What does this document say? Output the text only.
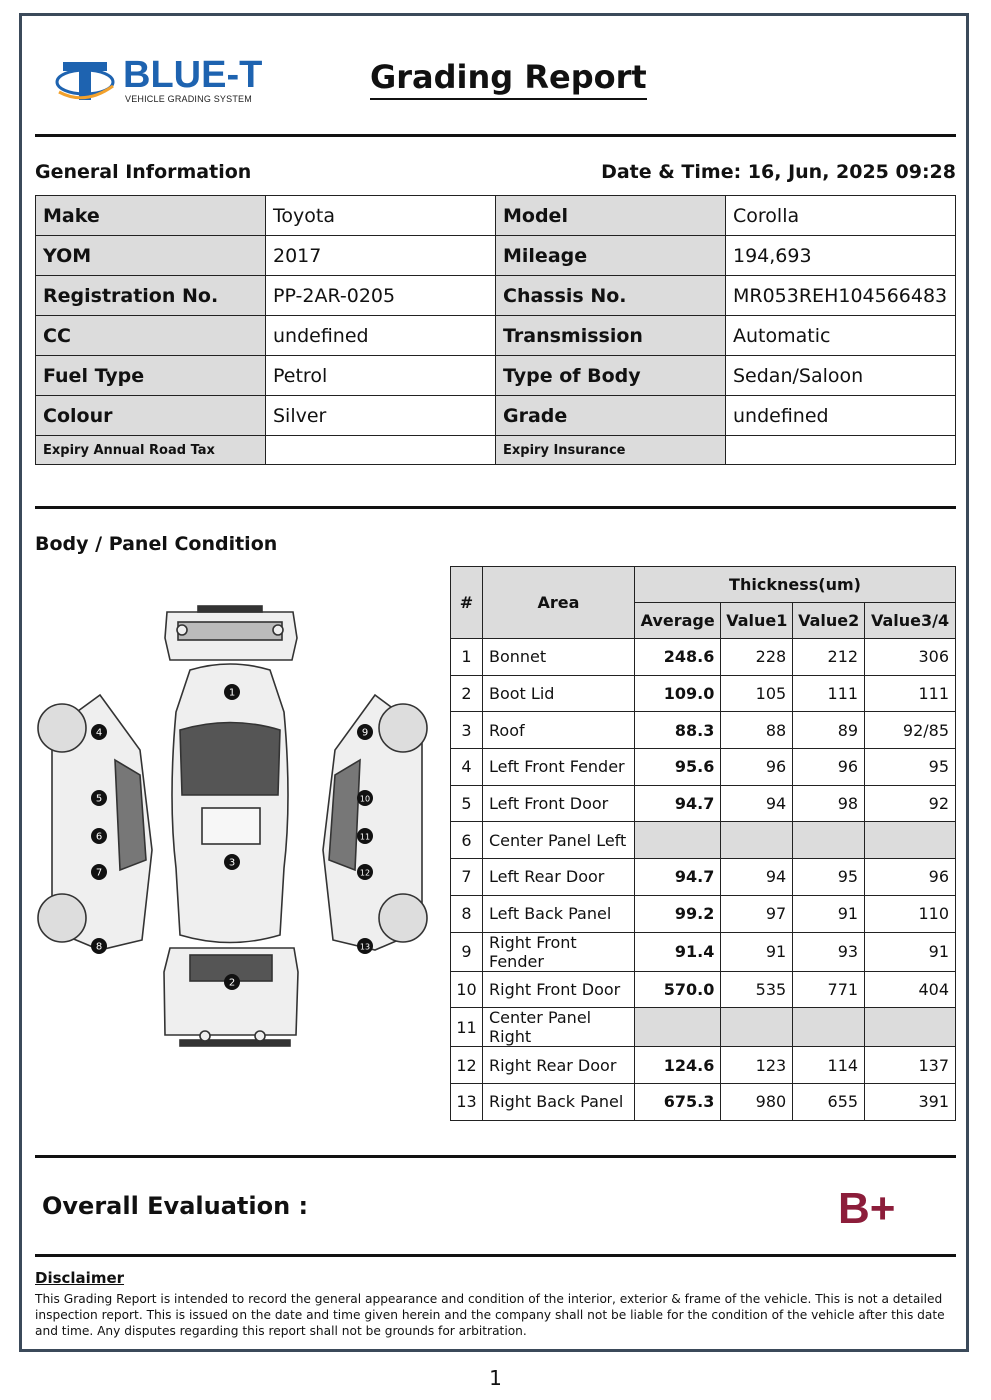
BLUE-T
VEHICLE GRADING SYSTEM
Grading Report
General Information	Date & Time: 16, Jun, 2025 09:28
Make	Toyota	Model	Corolla
YOM	2017	Mileage	194,693
Registration No.	PP-2AR-0205	Chassis No.	MR053REH104566483
CC	undefined	Transmission	Automatic
Fuel Type	Petrol	Type of Body	Sedan/Saloon
Colour	Silver	Grade	undefined
Expiry Annual Road Tax		Expiry Insurance	
Body / Panel Condition
1
2
3
4
5
6
7
8
9
10
11
12
13
#	Area	Thickness(um)			
		Average	Value1	Value2	Value3/4
1	Bonnet	248.6	228	212	306
2	Boot Lid	109.0	105	111	111
3	Roof	88.3	88	89	92/85
4	Left Front Fender	95.6	96	96	95
5	Left Front Door	94.7	94	98	92
6	Center Panel Left				
7	Left Rear Door	94.7	94	95	96
8	Left Back Panel	99.2	97	91	110
9	Right Front Fender	91.4	91	93	91
10	Right Front Door	570.0	535	771	404
11	Center Panel Right				
12	Right Rear Door	124.6	123	114	137
13	Right Back Panel	675.3	980	655	391
Overall Evaluation :	B+
Disclaimer
This Grading Report is intended to record the general appearance and condition of the interior, exterior & frame of the vehicle. This is not a detailed inspection report. This is issued on the date and time given herein and the company shall not be liable for the condition of the vehicle after this date and time. Any disputes regarding this report shall not be grounds for arbitration.
1
